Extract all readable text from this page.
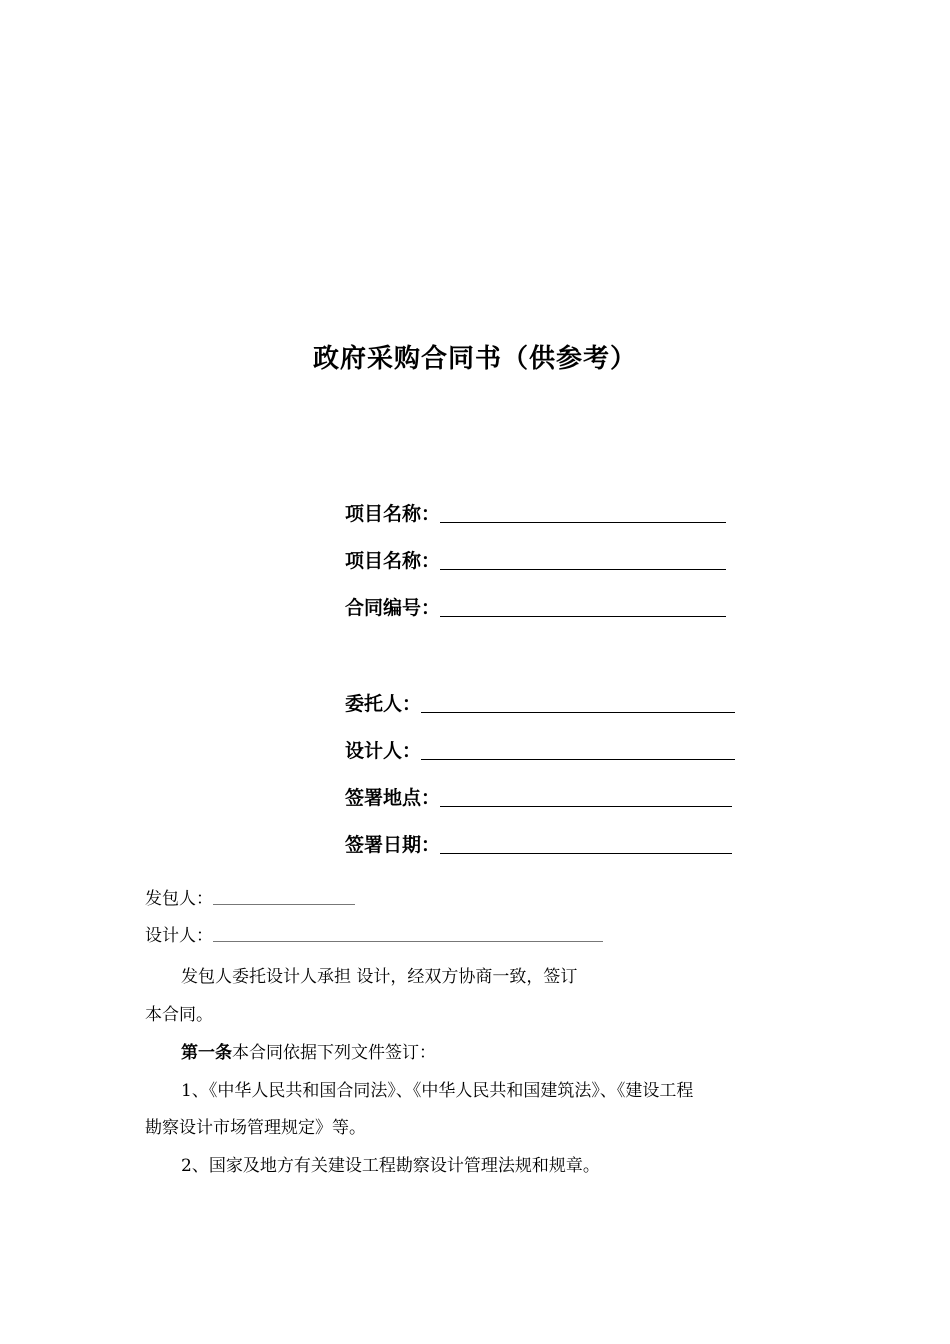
政府采购合同书（供参考）
项目名称：
项目名称：
合同编号：
委托人：
设计人：
签署地点：
签署日期：
发包人：
设计人：
发包人委托设计人承担 设计，经双方协商一致，签订
本合同。
第一条本合同依据下列文件签订：
1、《中华人民共和国合同法》、《中华人民共和国建筑法》、《建设工程
勘察设计市场管理规定》等。
2、国家及地方有关建设工程勘察设计管理法规和规章。
